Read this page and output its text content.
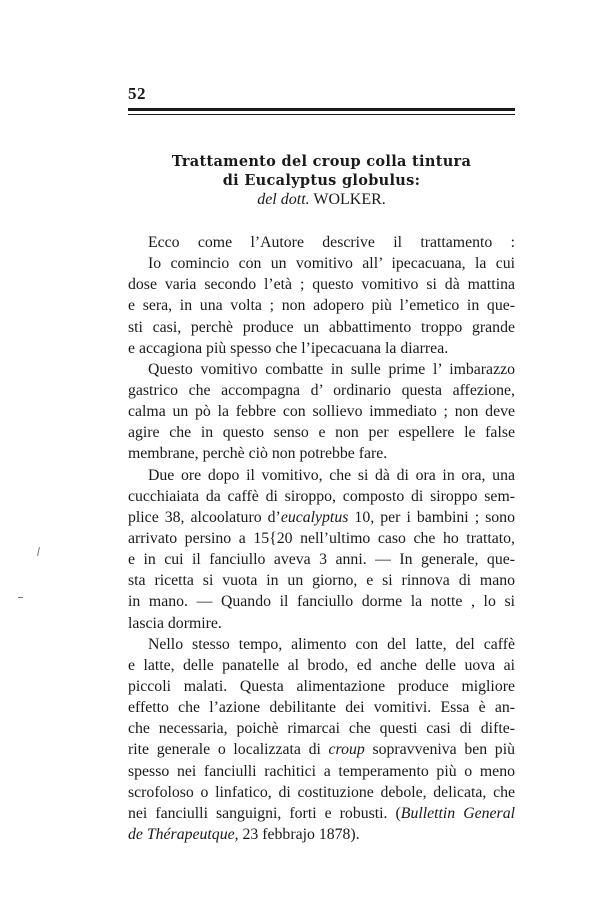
52
Trattamento del croup colla tintura
di Eucalyptus globulus:
del dott. WOLKER.
Ecco come l’Autore descrive il trattamento :
Io comincio con un vomitivo all’ ipecacuana, la cui
dose varia secondo l’età ; questo vomitivo si dà mattina
e sera, in una volta ; non adopero più l’emetico in que-
sti casi, perchè produce un abbattimento troppo grande
e accagiona più spesso che l’ipecacuana la diarrea.
Questo vomitivo combatte in sulle prime l’ imbarazzo
gastrico che accompagna d’ ordinario questa affezione,
calma un pò la febbre con sollievo immediato ; non deve
agire che in questo senso e non per espellere le false
membrane, perchè ciò non potrebbe fare.
Due ore dopo il vomitivo, che si dà di ora in ora, una
cucchiaiata da caffè di siroppo, composto di siroppo sem-
plice 38, alcoolaturo d’eucalyptus 10, per i bambini ; sono
arrivato persino a 15{20 nell’ultimo caso che ho trattato,
e in cui il fanciullo aveva 3 anni. — In generale, que-
sta ricetta si vuota in un giorno, e si rinnova di mano
in mano. — Quando il fanciullo dorme la notte , lo si
lascia dormire.
Nello stesso tempo, alimento con del latte, del caffè
e latte, delle panatelle al brodo, ed anche delle uova ai
piccoli malati. Questa alimentazione produce migliore
effetto che l’azione debilitante dei vomitivi. Essa è an-
che necessaria, poichè rimarcai che questi casi di difte-
rite generale o localizzata di croup sopravveniva ben più
spesso nei fanciulli rachitici a temperamento più o meno
scrofoloso o linfatico, di costituzione debole, delicata, che
nei fanciulli sanguigni, forti e robusti. (Bullettin General
de Thérapeutque, 23 febbrajo 1878).
